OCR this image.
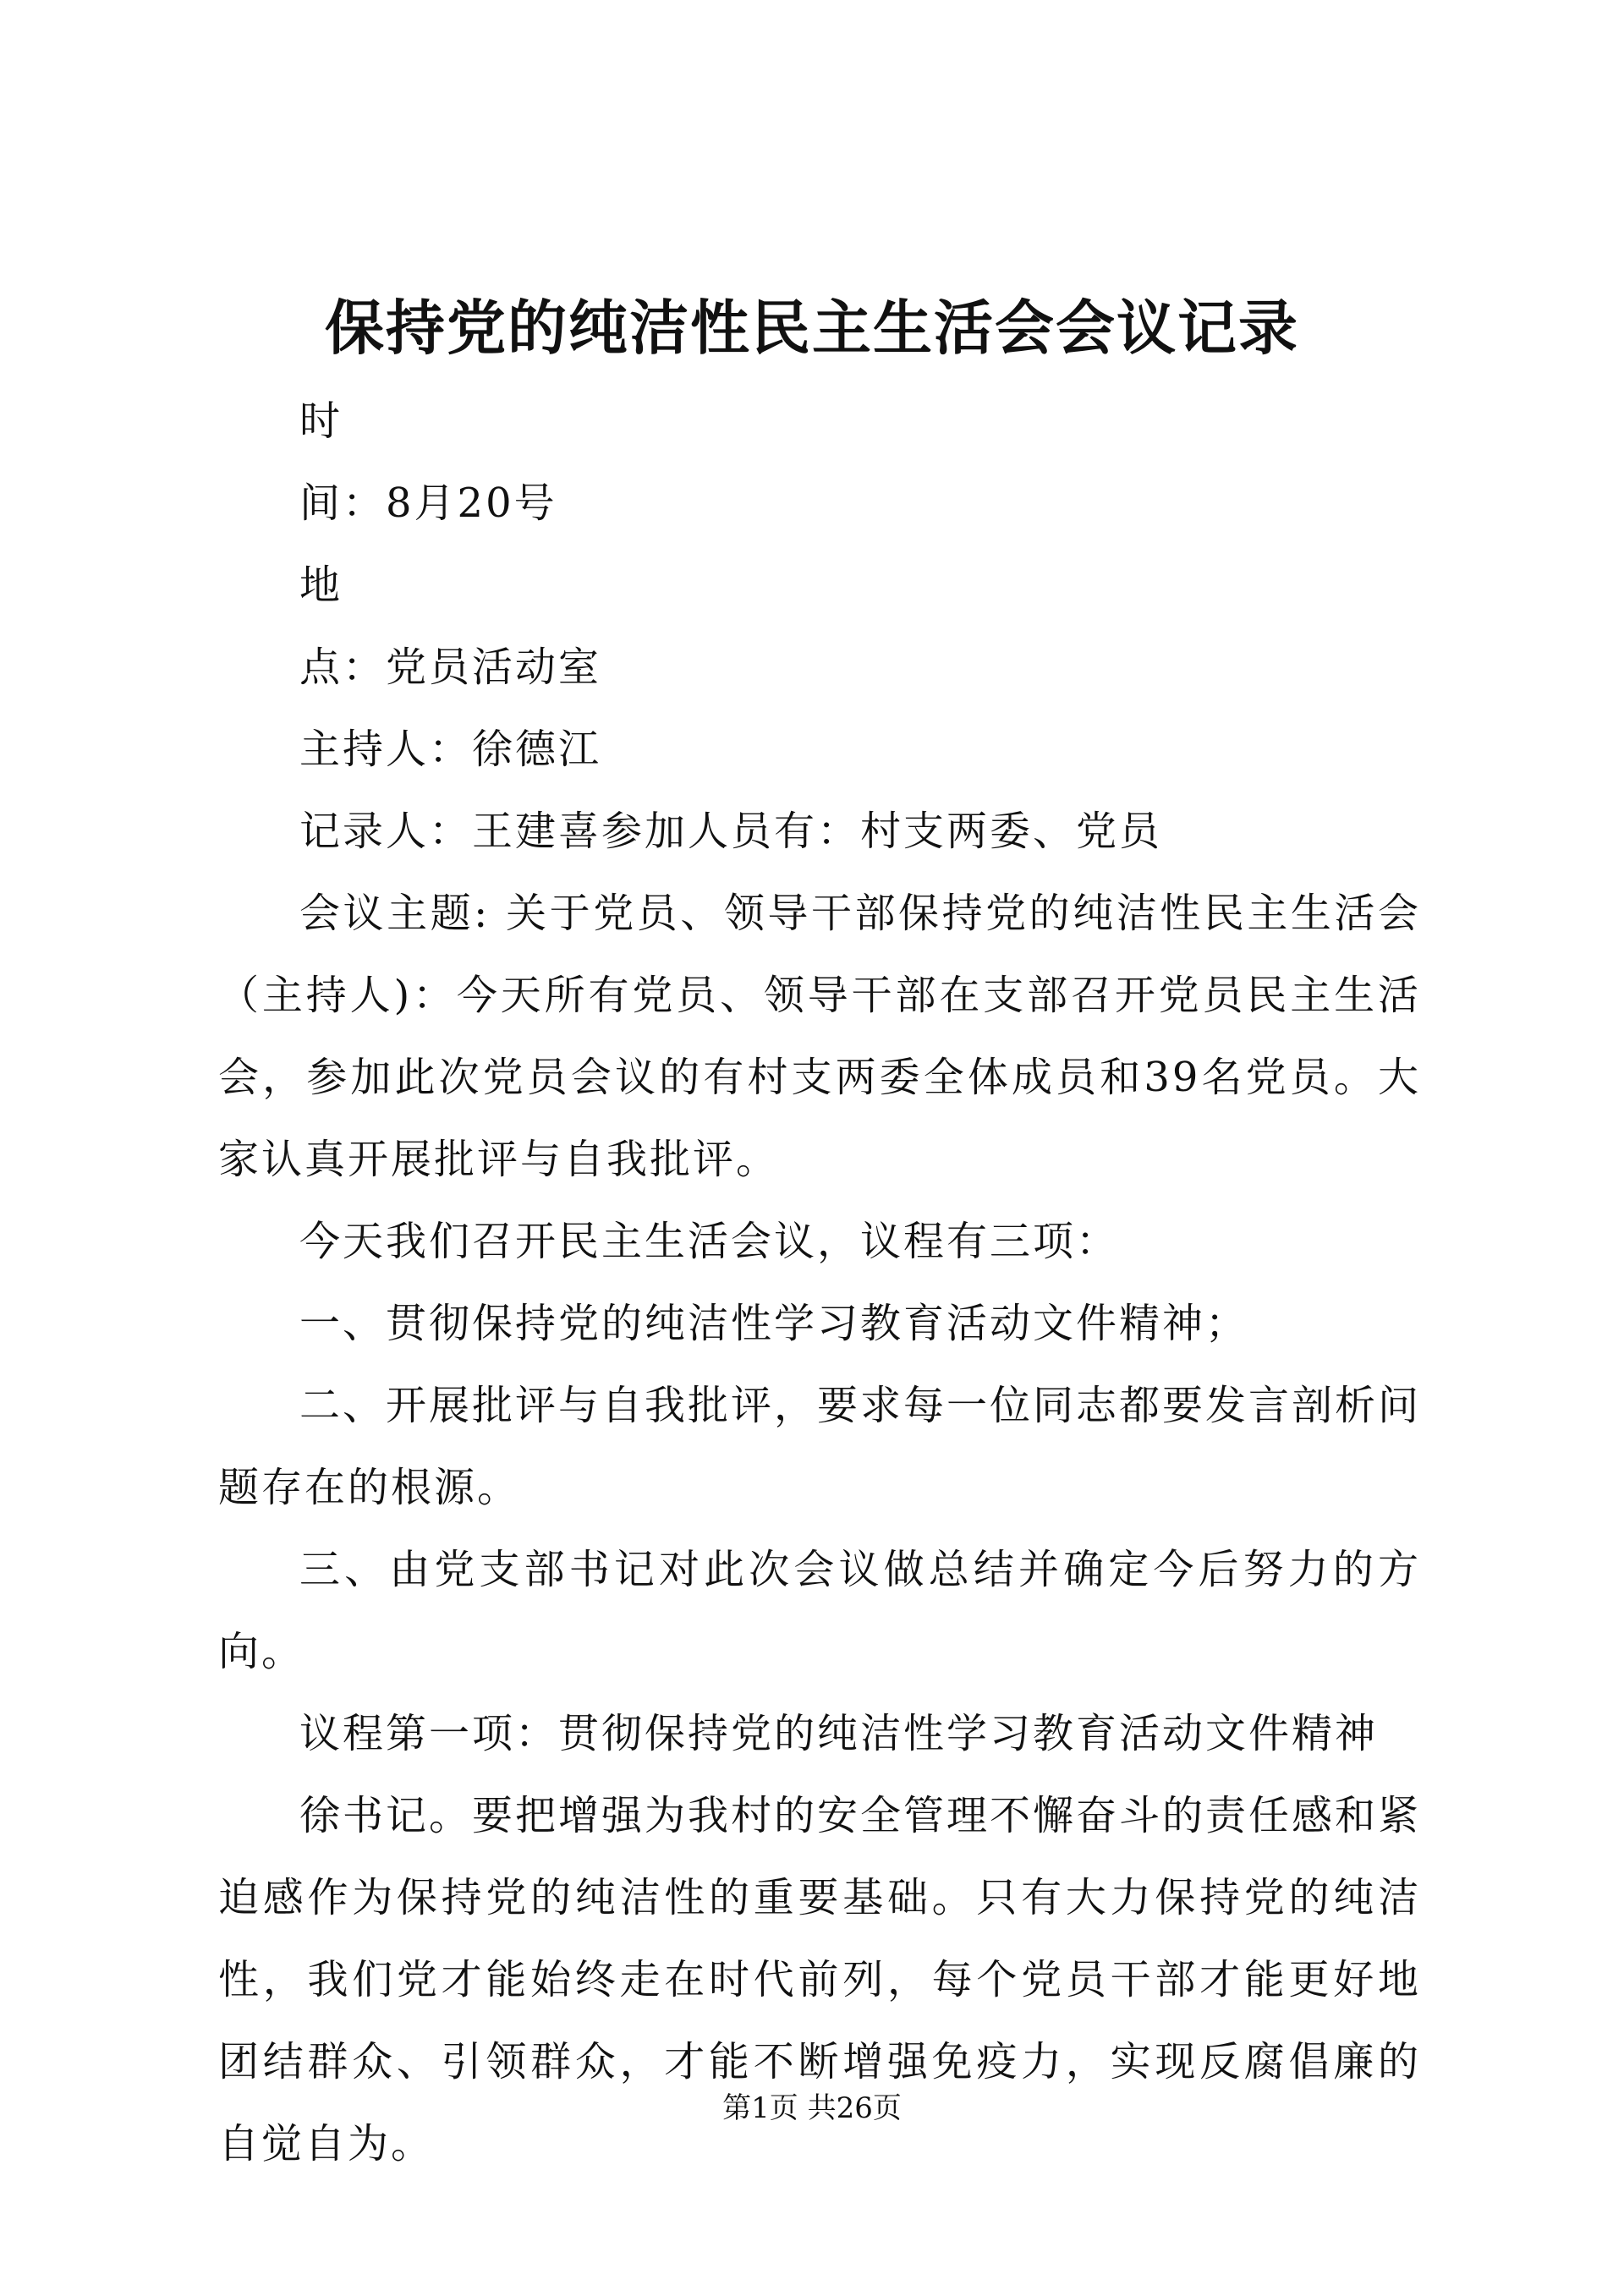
保持党的纯洁性民主生活会会议记录

时

间：8月20号

地

点：党员活动室

主持人：徐德江

记录人：王建喜参加人员有：村支两委、党员

会议主题: 关于党员、领导干部保持党的纯洁性民主生活会（主持人)：今天所有党员、领导干部在支部召开党员民主生活会，参加此次党员会议的有村支两委全体成员和39名党员。大家认真开展批评与自我批评。

今天我们召开民主生活会议，议程有三项：

一、贯彻保持党的纯洁性学习教育活动文件精神；

二、开展批评与自我批评，要求每一位同志都要发言剖析问题存在的根源。

三、由党支部书记对此次会议做总结并确定今后努力的方向。

议程第一项：贯彻保持党的纯洁性学习教育活动文件精神

徐书记。要把增强为我村的安全管理不懈奋斗的责任感和紧迫感作为保持党的纯洁性的重要基础。只有大力保持党的纯洁性，我们党才能始终走在时代前列，每个党员干部才能更好地团结群众、引领群众，才能不断增强免疫力，实现反腐倡廉的自觉自为。

第1页 共26页
